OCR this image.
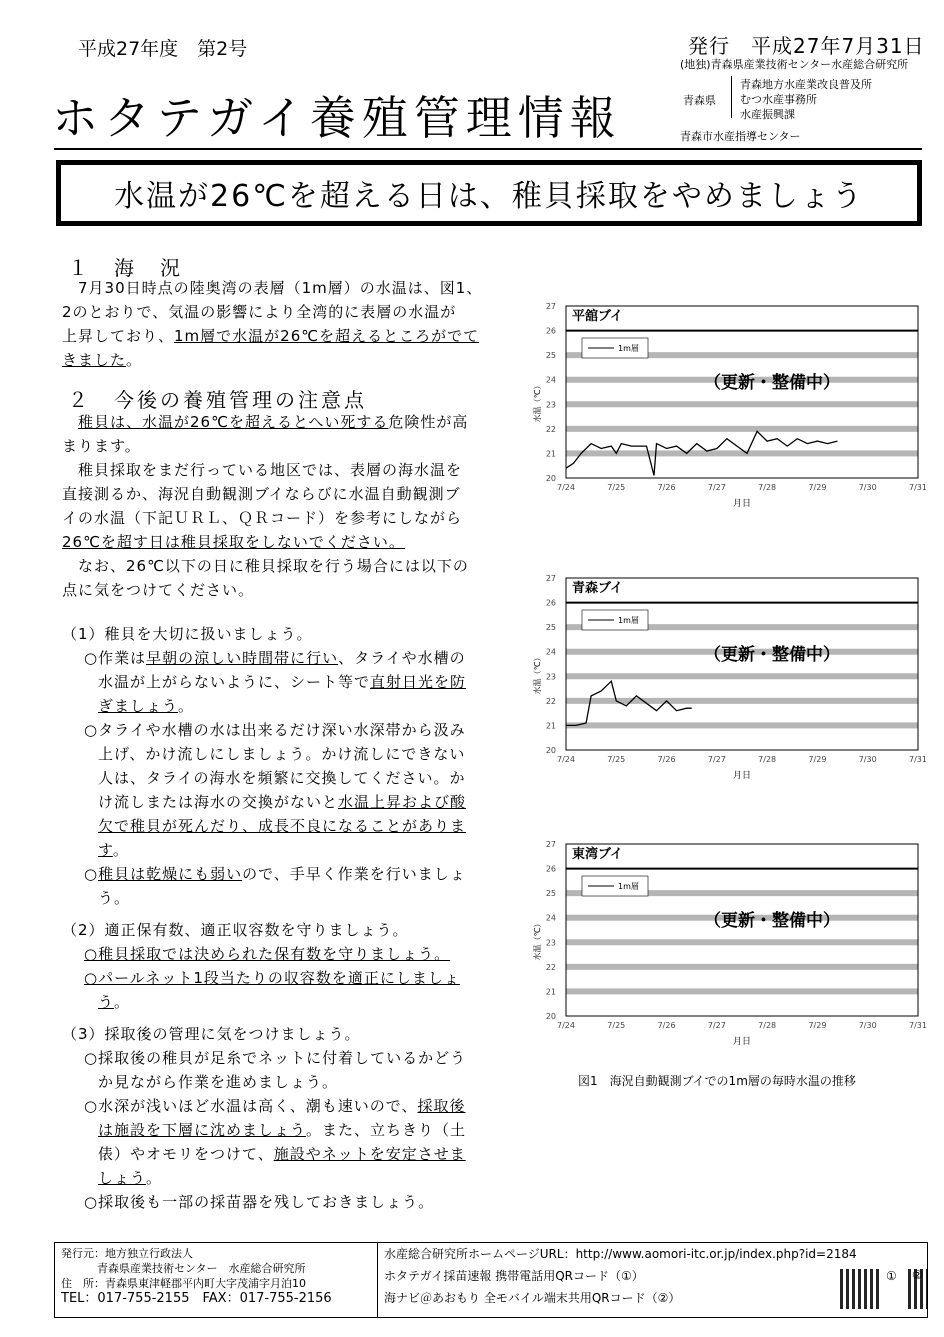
平成27年度　第2号	発行　平成27年7月31日
ホタテガイ養殖管理情報
(地独)青森県産業技術センター水産総合研究所
青森県
青森地方水産業改良普及所
むつ水産事務所
水産振興課
青森市水産指導センター
水温が26℃を超える日は、稚貝採取をやめましょう
１　海　況
　7月30日時点の陸奥湾の表層（1m層）の水温は、図1、
2のとおりで、気温の影響により全湾的に表層の水温が
上昇しており、1m層で水温が26℃を超えるところがでて
きました。
２　今後の養殖管理の注意点
　稚貝は、水温が26℃を超えるとへい死する危険性が高
まります。
　稚貝採取をまだ行っている地区では、表層の海水温を
直接測るか、海況自動観測ブイならびに水温自動観測ブ
イの水温（下記ＵＲＬ、ＱＲコード）を参考にしながら
26℃を超す日は稚貝採取をしないでください。
　なお、26℃以下の日に稚貝採取を行う場合には以下の
点に気をつけてください。
（1）稚貝を大切に扱いましょう。
○作業は早朝の涼しい時間帯に行い、タライや水槽の
水温が上がらないように、シート等で直射日光を防
ぎましょう。
○タライや水槽の水は出来るだけ深い水深帯から汲み
上げ、かけ流しにしましょう。かけ流しにできない
人は、タライの海水を頻繁に交換してください。か
け流しまたは海水の交換がないと水温上昇および酸
欠で稚貝が死んだり、成長不良になることがありま
す。
○稚貝は乾燥にも弱いので、手早く作業を行いましょ
う。
（2）適正保有数、適正収容数を守りましょう。
○稚貝採取では決められた保有数を守りましょう。
○パールネット1段当たりの収容数を適正にしましょ
う。
（3）採取後の管理に気をつけましょう。
○採取後の稚貝が足糸でネットに付着しているかどう
か見ながら作業を進めましょう。
○水深が浅いほど水温は高く、潮も速いので、採取後
は施設を下層に沈めましょう。また、立ちきり（土
俵）やオモリをつけて、施設やネットを安定させま
しょう。
○採取後も一部の採苗器を残しておきましょう。
20
21
22
23
24
25
26
27
7/24	7/25	7/26	7/27	7/28	7/29	7/30	7/31
月日
水温（℃）
平舘ブイ
1m層
（更新・整備中）
20
21
22
23
24
25
26
27
7/24	7/25	7/26	7/27	7/28	7/29	7/30	7/31
月日
水温（℃）
青森ブイ
1m層
（更新・整備中）
20
21
22
23
24
25
26
27
7/24	7/25	7/26	7/27	7/28	7/29	7/30	7/31
月日
水温（℃）
東湾ブイ
1m層
（更新・整備中）
図1　海況自動観測ブイでの1m層の毎時水温の推移
発行元：地方独立行政法人
青森県産業技術センター　水産総合研究所
住　所：青森県東津軽郡平内町大字茂浦字月泊10
TEL：017-755-2155　FAX：017-755-2156
水産総合研究所ホームページURL：http://www.aomori-itc.or.jp/index.php?id=2184
ホタテガイ採苗速報 携帯電話用QRコード（①）
海ナビ＠あおもり 全モバイル端末共用QRコード（②）
① ②
